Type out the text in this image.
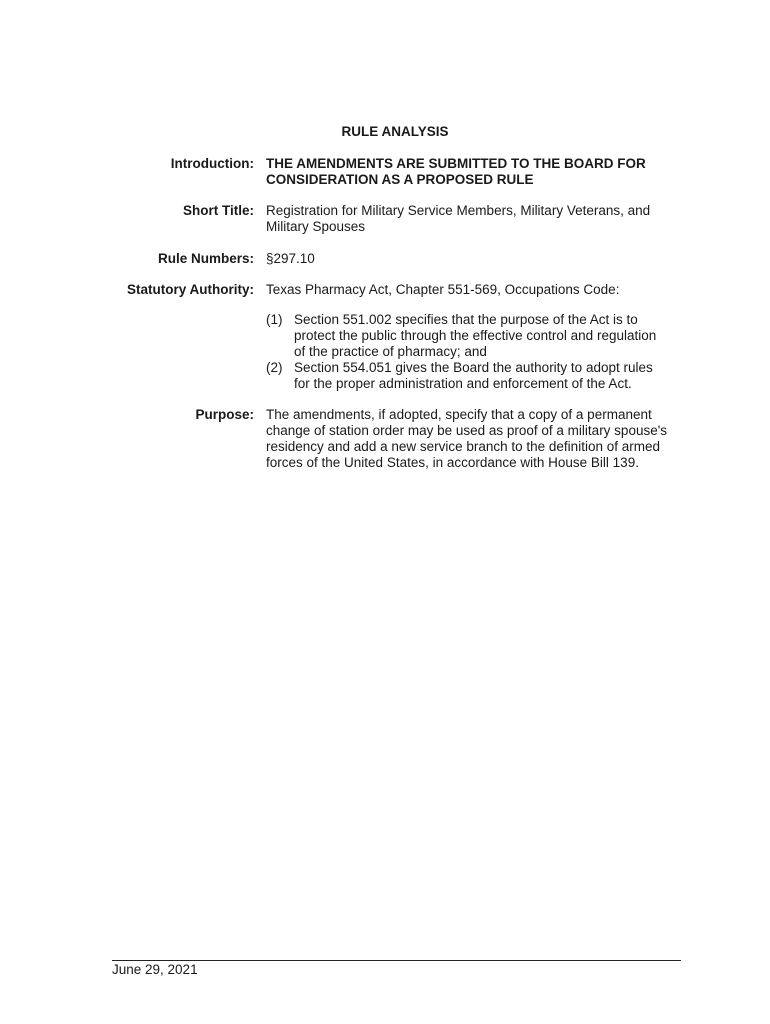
RULE ANALYSIS
Introduction: THE AMENDMENTS ARE SUBMITTED TO THE BOARD FOR CONSIDERATION AS A PROPOSED RULE
Short Title: Registration for Military Service Members, Military Veterans, and Military Spouses
Rule Numbers: §297.10
Statutory Authority: Texas Pharmacy Act, Chapter 551-569, Occupations Code:
(1) Section 551.002 specifies that the purpose of the Act is to protect the public through the effective control and regulation of the practice of pharmacy; and
(2) Section 554.051 gives the Board the authority to adopt rules for the proper administration and enforcement of the Act.
Purpose: The amendments, if adopted, specify that a copy of a permanent change of station order may be used as proof of a military spouse's residency and add a new service branch to the definition of armed forces of the United States, in accordance with House Bill 139.
June 29, 2021
